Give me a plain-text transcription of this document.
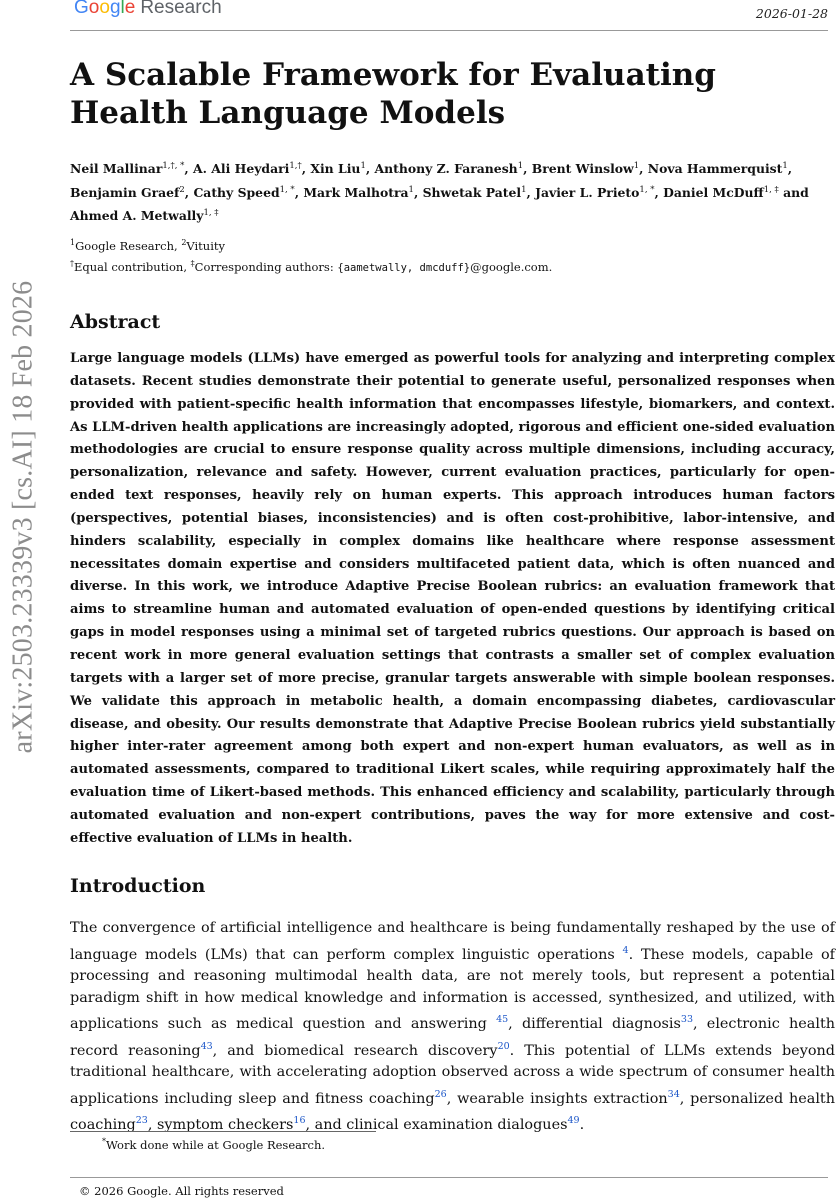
Google Research	2026-01-28
arXiv:2503.23339v3 [cs.AI] 18 Feb 2026
A Scalable Framework for Evaluating Health Language Models
Neil Mallinar$^{1,\dagger, *}$, A. Ali Heydari$^{1,\dagger}$, Xin Liu$^1$, Anthony Z. Faranesh$^1$, Brent Winslow$^1$, Nova Hammerquist$^1$, Benjamin Graef$^2$, Cathy Speed$^{1, *}$, Mark Malhotra$^1$, Shwetak Patel$^1$, Javier L. Prieto$^{1, *}$, Daniel McDuff$^{1, \ddagger}$ and Ahmed A. Metwally$^{1, \ddagger}$
$^1$Google Research, $^2$Vituity
†Equal contribution, ‡Corresponding authors: {aametwally, dmcduff}@google.com.
Abstract
Large language models (LLMs) have emerged as powerful tools for analyzing and interpreting complex datasets. Recent studies demonstrate their potential to generate useful, personalized responses when provided with patient-specific health information that encompasses lifestyle, biomarkers, and context. As LLM-driven health applications are increasingly adopted, rigorous and efficient one-sided evaluation methodologies are crucial to ensure response quality across multiple dimensions, including accuracy, personalization, relevance and safety. However, current evaluation practices, particularly for open-ended text responses, heavily rely on human experts. This approach introduces human factors (perspectives, potential biases, inconsistencies) and is often cost-prohibitive, labor-intensive, and hinders scalability, especially in complex domains like healthcare where response assessment necessitates domain expertise and considers multifaceted patient data, which is often nuanced and diverse. In this work, we introduce Adaptive Precise Boolean rubrics: an evaluation framework that aims to streamline human and automated evaluation of open-ended questions by identifying critical gaps in model responses using a minimal set of targeted rubrics questions. Our approach is based on recent work in more general evaluation settings that contrasts a smaller set of complex evaluation targets with a larger set of more precise, granular targets answerable with simple boolean responses. We validate this approach in metabolic health, a domain encompassing diabetes, cardiovascular disease, and obesity. Our results demonstrate that Adaptive Precise Boolean rubrics yield substantially higher inter-rater agreement among both expert and non-expert human evaluators, as well as in automated assessments, compared to traditional Likert scales, while requiring approximately half the evaluation time of Likert-based methods. This enhanced efficiency and scalability, particularly through automated evaluation and non-expert contributions, paves the way for more extensive and cost-effective evaluation of LLMs in health.
Introduction
The convergence of artificial intelligence and healthcare is being fundamentally reshaped by the use of language models (LMs) that can perform complex linguistic operations $^4$. These models, capable of processing and reasoning multimodal health data, are not merely tools, but represent a potential paradigm shift in how medical knowledge and information is accessed, synthesized, and utilized, with applications such as medical question and answering $^{45}$, differential diagnosis$^{33}$, electronic health record reasoning$^{43}$, and biomedical research discovery$^{20}$. This potential of LLMs extends beyond traditional healthcare, with accelerating adoption observed across a wide spectrum of consumer health applications including sleep and fitness coaching$^{26}$, wearable insights extraction$^{34}$, personalized health coaching$^{23}$, symptom checkers$^{16}$, and clinical examination dialogues$^{49}$.
*Work done while at Google Research.
© 2026 Google. All rights reserved
